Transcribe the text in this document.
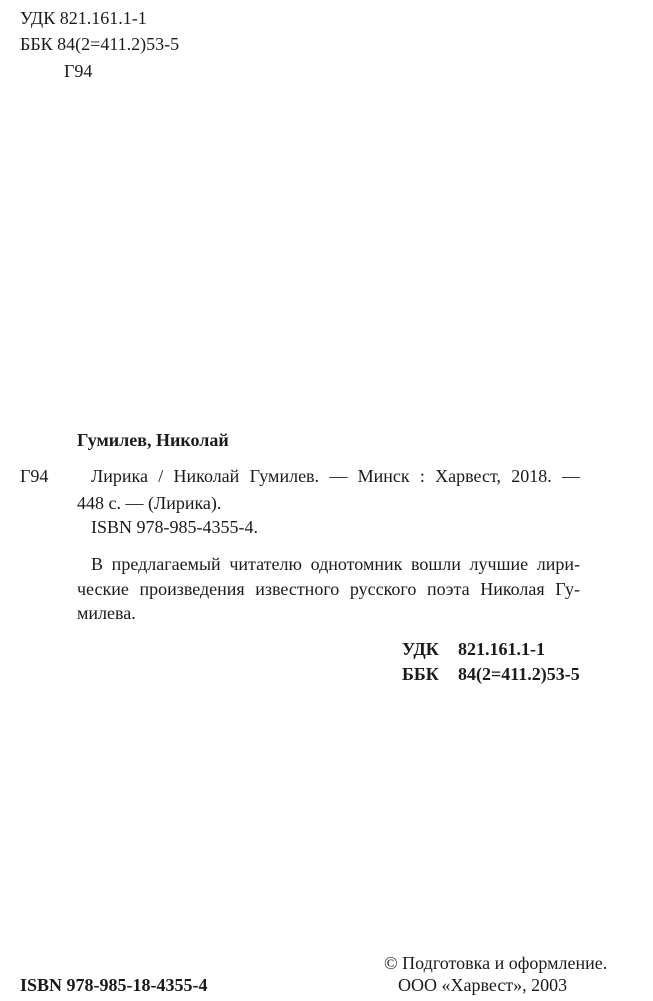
УДК 821.161.1-1
ББК 84(2=411.2)53-5
Г94
Гумилев, Николай
Г94 Лирика / Николай Гумилев. — Минск : Харвест, 2018. —
448 с. — (Лирика).
ISBN 978-985-4355-4.
В предлагаемый читателю однотомник вошли лучшие лири-
ческие произведения известного русского поэта Николая Гу-
милева.
УДК 821.161.1-1
ББК 84(2=411.2)53-5
ISBN 978-985-18-4355-4
© Подготовка и оформление.
ООО «Харвест», 2003
